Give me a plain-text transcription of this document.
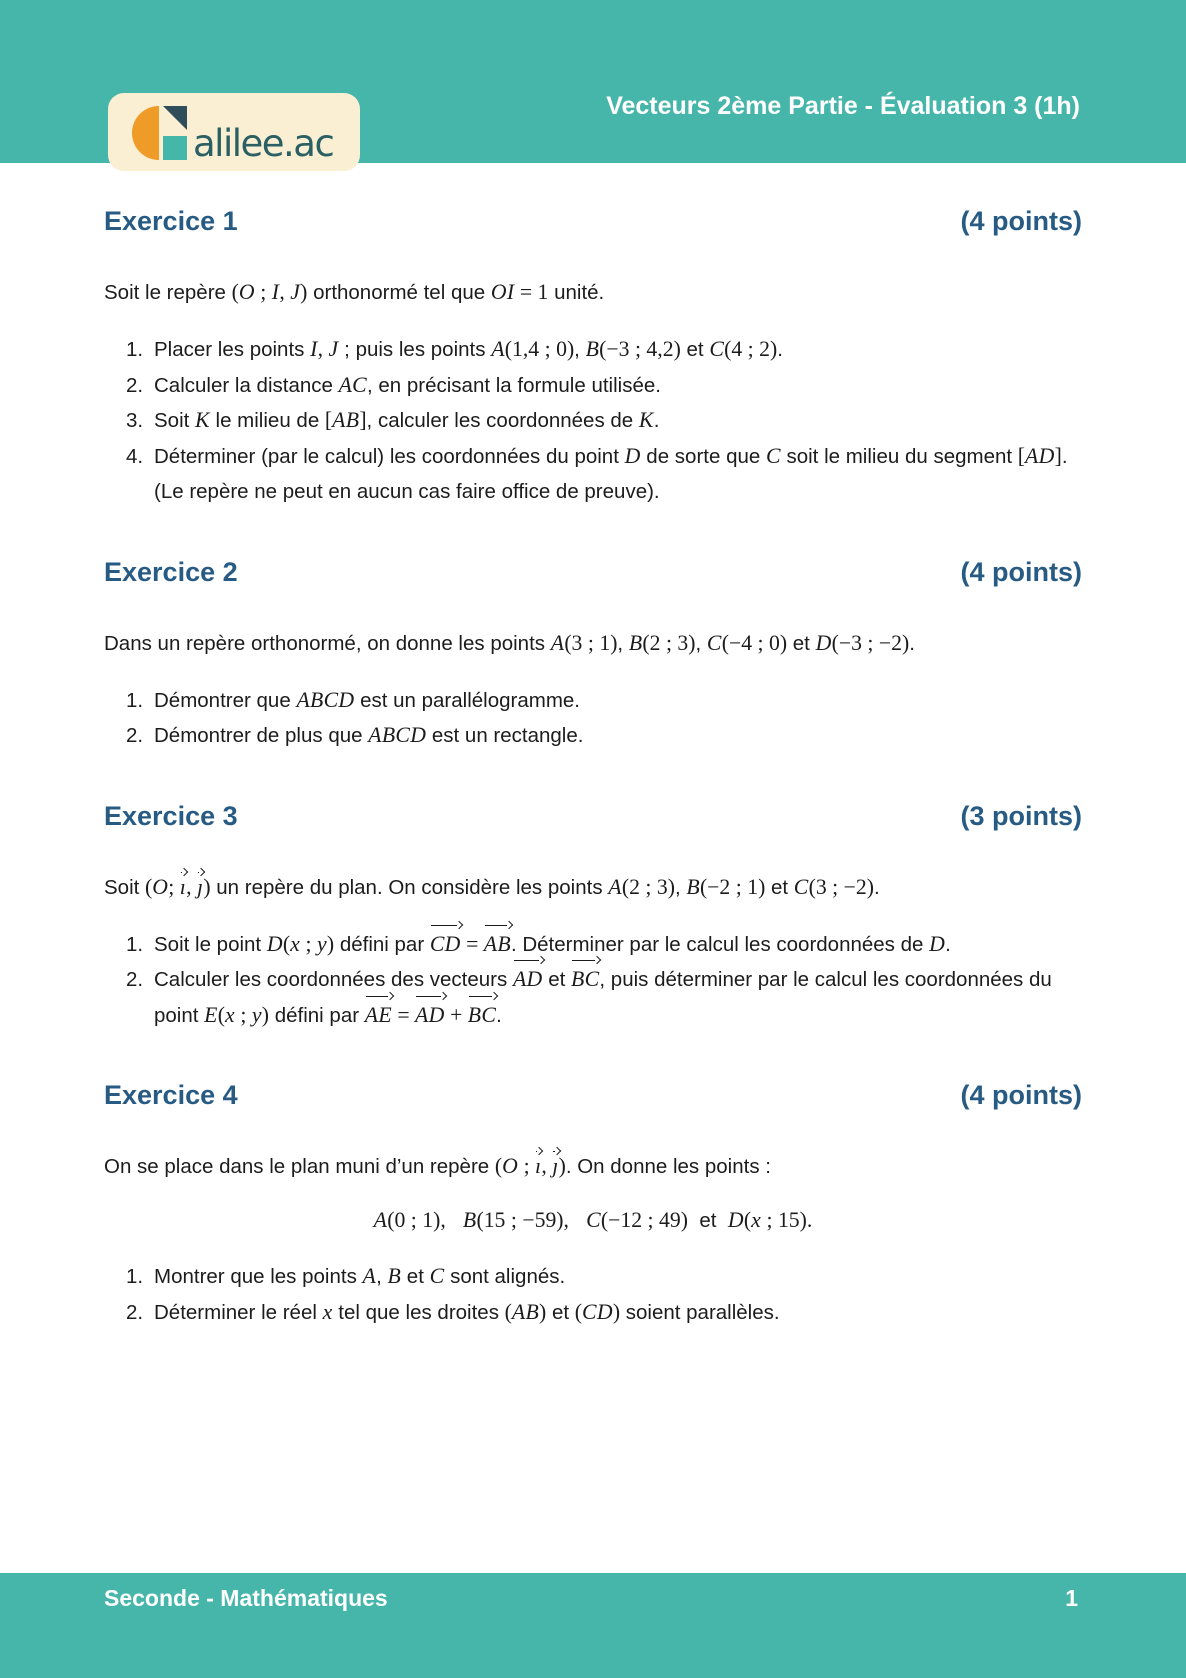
alilee.ac
Vecteurs 2ème Partie - Évaluation 3 (1h)
Exercice 1	(4 points)

Soit le repère (O ; I, J) orthonormé tel que OI = 1 unité.

Placer les points I, J ; puis les points A(1,4 ; 0), B(−3 ; 4,2) et C(4 ; 2).
Calculer la distance AC, en précisant la formule utilisée.
Soit K le milieu de [AB], calculer les coordonnées de K.
Déterminer (par le calcul) les coordonnées du point D de sorte que C soit le milieu du segment [AD]. (Le repère ne peut en aucun cas faire office de preuve).
Exercice 2	(4 points)

Dans un repère orthonormé, on donne les points A(3 ; 1), B(2 ; 3), C(−4 ; 0) et D(−3 ; −2).

Démontrer que ABCD est un parallélogramme.
Démontrer de plus que ABCD est un rectangle.
Exercice 3	(3 points)

Soit (O; ı, ȷ) un repère du plan. On considère les points A(2 ; 3), B(−2 ; 1) et C(3 ; −2).

Soit le point D(x ; y) défini par CD = AB. Déterminer par le calcul les coordonnées de D.
Calculer les coordonnées des vecteurs AD et BC, puis déterminer par le calcul les coordonnées du point E(x ; y) défini par AE = AD + BC.
Exercice 4	(4 points)

On se place dans le plan muni d’un repère (O ; ı, ȷ). On donne les points :

A(0 ; 1), B(15 ; −59), C(−12 ; 49)  et  D(x ; 15).

Montrer que les points A, B et C sont alignés.
Déterminer le réel x tel que les droites (AB) et (CD) soient parallèles.
Seconde - Mathématiques	1
